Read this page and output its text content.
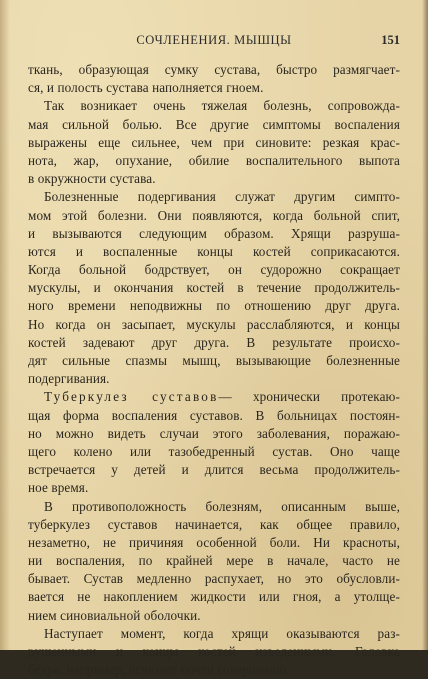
СОЧЛЕНЕНИЯ. МЫШЦЫ	151
ткань, образующая сумку сустава, быстро размягчает-
ся, и полость сустава наполняется гноем.
Так возникает очень тяжелая болезнь, сопровожда-
мая сильной болью. Все другие симптомы воспаления
выражены еще сильнее, чем при синовите: резкая крас-
нота, жар, опухание, обилие воспалительного выпота
в окружности сустава.
Болезненные подергивания служат другим симпто-
мом этой болезни. Они появляются, когда больной спит,
и вызываются следующим образом. Хрящи разруша-
ются и воспаленные концы костей соприкасаются.
Когда больной бодрствует, он судорожно сокращает
мускулы, и окончания костей в течение продолжитель-
ного времени неподвижны по отношению друг друга.
Но когда он засыпает, мускулы расслабляются, и концы
костей задевают друг друга. В результате происхо-
дят сильные спазмы мышц, вызывающие болезненные
подергивания.
Туберкулез суставов— хронически протекаю-
щая форма воспаления суставов. В больницах постоян-
но можно видеть случаи этого заболевания, поражаю-
щего колено или тазобедренный сустав. Оно чаще
встречается у детей и длится весьма продолжитель-
ное время.
В противоположность болезням, описанным выше,
туберкулез суставов начинается, как общее правило,
незаметно, не причиняя особенной боли. Ни красноты,
ни воспаления, по крайней мере в начале, часто не
бывает. Сустав медленно распухает, но это обусловли-
вается не накоплением жидкости или гноя, а утолще-
нием синовиальной оболочки.
Наступает момент, когда хрящи оказываются раз-
рушенными и концы костей изъеденными. Головка
бедра, например, исчезает почти совершенно.
